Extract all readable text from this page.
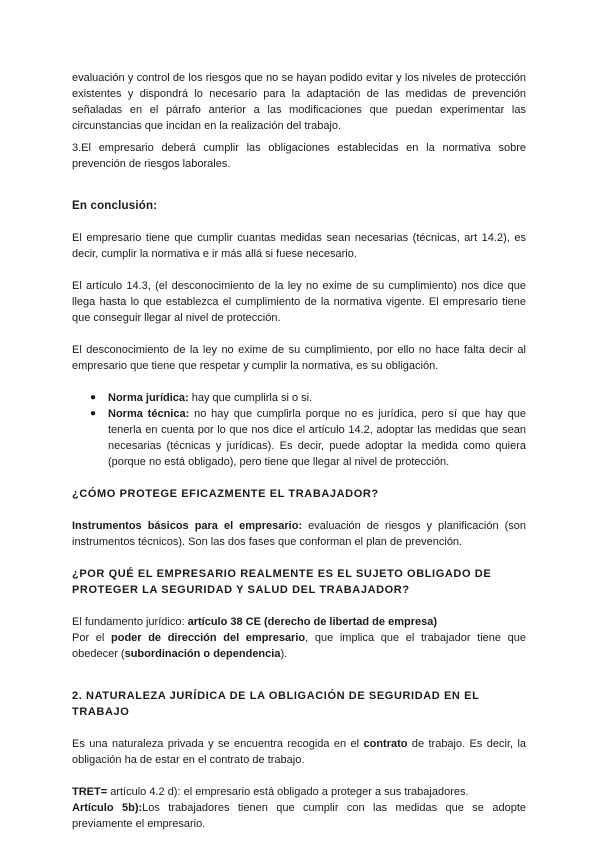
evaluación y control de los riesgos que no se hayan podido evitar y los niveles de protección existentes y dispondrá lo necesario para la adaptación de las medidas de prevención señaladas en el párrafo anterior a las modificaciones que puedan experimentar las circunstancias que incidan en la realización del trabajo.

3.El empresario deberá cumplir las obligaciones establecidas en la normativa sobre prevención de riesgos laborales.

En conclusión:

El empresario tiene que cumplir cuantas medidas sean necesarias (técnicas, art 14.2), es decir, cumplir la normativa e ir más allá si fuese necesario.

El artículo 14.3, (el desconocimiento de la ley no exime de su cumplimiento) nos dice que llega hasta lo que establezca el cumplimiento de la normativa vigente. El empresario tiene que conseguir llegar al nivel de protección.

El desconocimiento de la ley no exime de su cumplimiento, por ello no hace falta decir al empresario que tiene que respetar y cumplir la normativa, es su obligación.

● Norma jurídica: hay que cumplirla si o si.
● Norma técnica: no hay que cumplirla porque no es jurídica, pero sí que hay que tenerla en cuenta por lo que nos dice el artículo 14.2, adoptar las medidas que sean necesarias (técnicas y jurídicas). Es decir, puede adoptar la medida como quiera (porque no está obligado), pero tiene que llegar al nivel de protección.

¿CÓMO PROTEGE EFICAZMENTE EL TRABAJADOR?

Instrumentos básicos para el empresario: evaluación de riesgos y planificación (son instrumentos técnicos). Son las dos fases que conforman el plan de prevención.

¿POR QUÉ EL EMPRESARIO REALMENTE ES EL SUJETO OBLIGADO DE PROTEGER LA SEGURIDAD Y SALUD DEL TRABAJADOR?

El fundamento jurídico: artículo 38 CE (derecho de libertad de empresa)

Por el poder de dirección del empresario, que implica que el trabajador tiene que obedecer (subordinación o dependencia).

2. NATURALEZA JURÍDICA DE LA OBLIGACIÓN DE SEGURIDAD EN EL TRABAJO

Es una naturaleza privada y se encuentra recogida en el contrato de trabajo. Es decir, la obligación ha de estar en el contrato de trabajo.

TRET= artículo 4.2 d): el empresario está obligado a proteger a sus trabajadores.

Artículo 5b):Los trabajadores tienen que cumplir con las medidas que se adopte previamente el empresario.
